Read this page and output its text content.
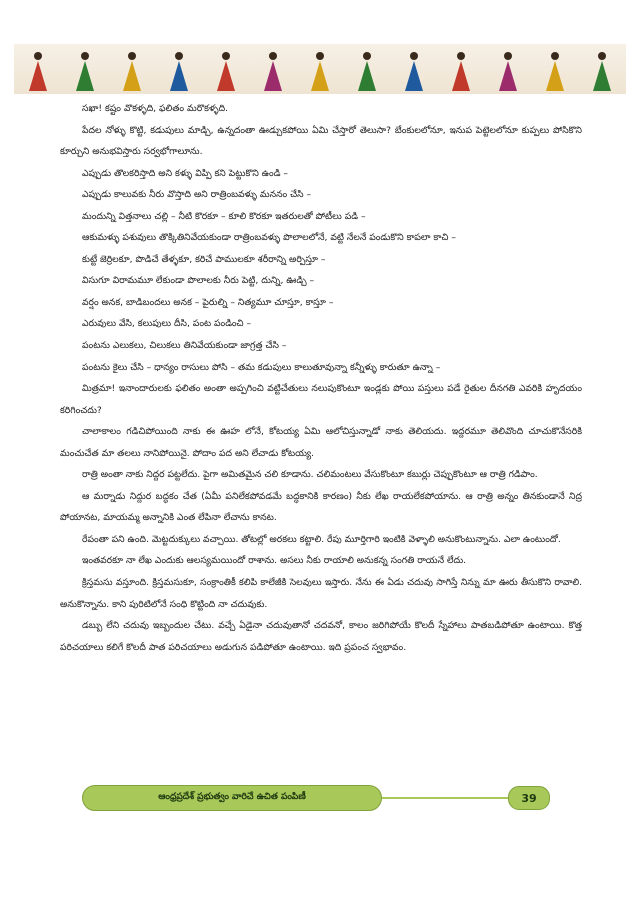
సఖా! కష్టం వొకళ్ళది, ఫలితం మరొకళ్ళది.

పేదల నోళ్ళు కొట్టి, కడుపులు మాడ్చి, ఉన్నదంతా ఊడ్చుకపోయి ఏమి చేస్తారో తెలుసా? బేంకులలోనూ, ఇనుప పెట్టెలలోనూ కుప్పలు పోసికొని కూర్చుని అనుభవిస్తారు సర్వభోగాలూను.

ఎప్పుడు తొలకరిస్తాది అని కళ్ళు విప్పి కని పెట్టుకొని ఉండి –

ఎప్పుడు కాలువకు నీరు వొస్తాది అని రాత్రింబవళ్ళు మననం చేసి –

మందున్ని విత్తనాలు చల్లి – నీటి కొరకూ – కూలి కొరకూ ఇతరులతో పోటీలు పడి –

ఆకుమళ్ళు పశువులు తొక్కితినివేయకుండా రాత్రింబవళ్ళు పొలాలలోనే, వట్టి నేలనే పండుకొని కాపలా కాచి –

కుట్టే జెర్రిలకూ, పొడిచే తేళ్ళకూ, కరిచే పాములకూ శరీరాన్ని అర్పిస్తూ –

విసుగూ విరామమూ లేకుండా పొలాలకు నీరు పెట్టి, దున్ని, ఊడ్చి –

వర్షం అనక, బాడిబందలు అనక – పైరుల్ని – నిత్యమూ చూస్తూ, కాస్తూ –

ఎరువులు వేసి, కలుపులు దీసి, పంట పండించి –

పంటను ఎలుకలు, చిలుకలు తినివేయకుండా జాగ్రత్త చేసి –

పంటను కైలు చేసి – ధాన్యం రాసులు పోసి – తమ కడుపులు కాలుతూవున్నా కన్నీళ్ళు కారుతూ ఉన్నా –

మిత్రమా! ఇనాందారులకు ఫలితం అంతా అప్పగించి వట్టిచేతులు నలుపుకొంటూ ఇండ్లకు పోయి పస్తులు పడే రైతుల దీనగతి ఎవరికి హృదయం కరిగించదు?

చాలాకాలం గడిచిపోయింది నాకు ఈ ఊహ లోనే, కోటయ్య ఏమి ఆలోచిస్తున్నాడో నాకు తెలియదు. ఇద్దరమూ తెలివొంది చూచుకొనేసరికి మంచుచేత మా తలలు నానిపోయినై. పోదాం పద అని లేచాడు కోటయ్య.

రాత్రి అంతా నాకు నిద్దర పట్టలేదు. పైగా అమితమైన చలి కూడాను. చలిమంటలు వేసుకొంటూ కబుర్లు చెప్పుకొంటూ ఆ రాత్రి గడిపాం.

ఆ మర్నాడు నిద్దుర బద్ధకం చేత (ఏమీ పనిలేకపోవడమే బద్ధకానికి కారణం) నీకు లేఖ రాయలేకపోయాను. ఆ రాత్రి అన్నం తినకుండానే నిద్ర పోయానట, మాయమ్మ అన్నానికి ఎంత లేపినా లేచాను కానట.

రేపంతా పని ఉంది. మెట్టదుక్కులు వచ్చాయి. తోటల్లో అరకలు కట్టాలి. రేపు మూర్తిగారి ఇంటికి వెళ్ళాలి అనుకొంటున్నాను. ఎలా ఉంటుందో.

ఇంతవరకూ నా లేఖ ఎందుకు ఆలస్యమయిందో రాశాను. అసలు నీకు రాయాలి అనుకన్న సంగతి రాయనే లేదు.

క్రిస్తమసు వస్తూంది. క్రిస్తమసుకూ, సంక్రాంతికీ కలిపి కాలేజీకి సెలవులు ఇస్తారు. నేను ఈ ఏడు చదువు సాగిస్తే నిన్ను మా ఊరు తీసుకొని రావాలి. అనుకొన్నాను. కాని పురిటిలోనే సంధి కొట్టింది నా చదువుకు.

డబ్బు లేని చదువు ఇబ్బందుల చేటు. వచ్చే ఏడైనా చదువుతానో చదవనో, కాలం జరిగిపోయే కొలదీ స్నేహాలు పాతబడిపోతూ ఉంటాయి. కొత్త పరిచయాలు కలిగే కొలదీ పాత పరిచయాలు అడుగున పడిపోతూ ఉంటాయి. ఇది ప్రపంచ స్వభావం.

ఆంధ్రప్రదేశ్ ప్రభుత్వం వారిచే ఉచిత పంపిణీ	39
